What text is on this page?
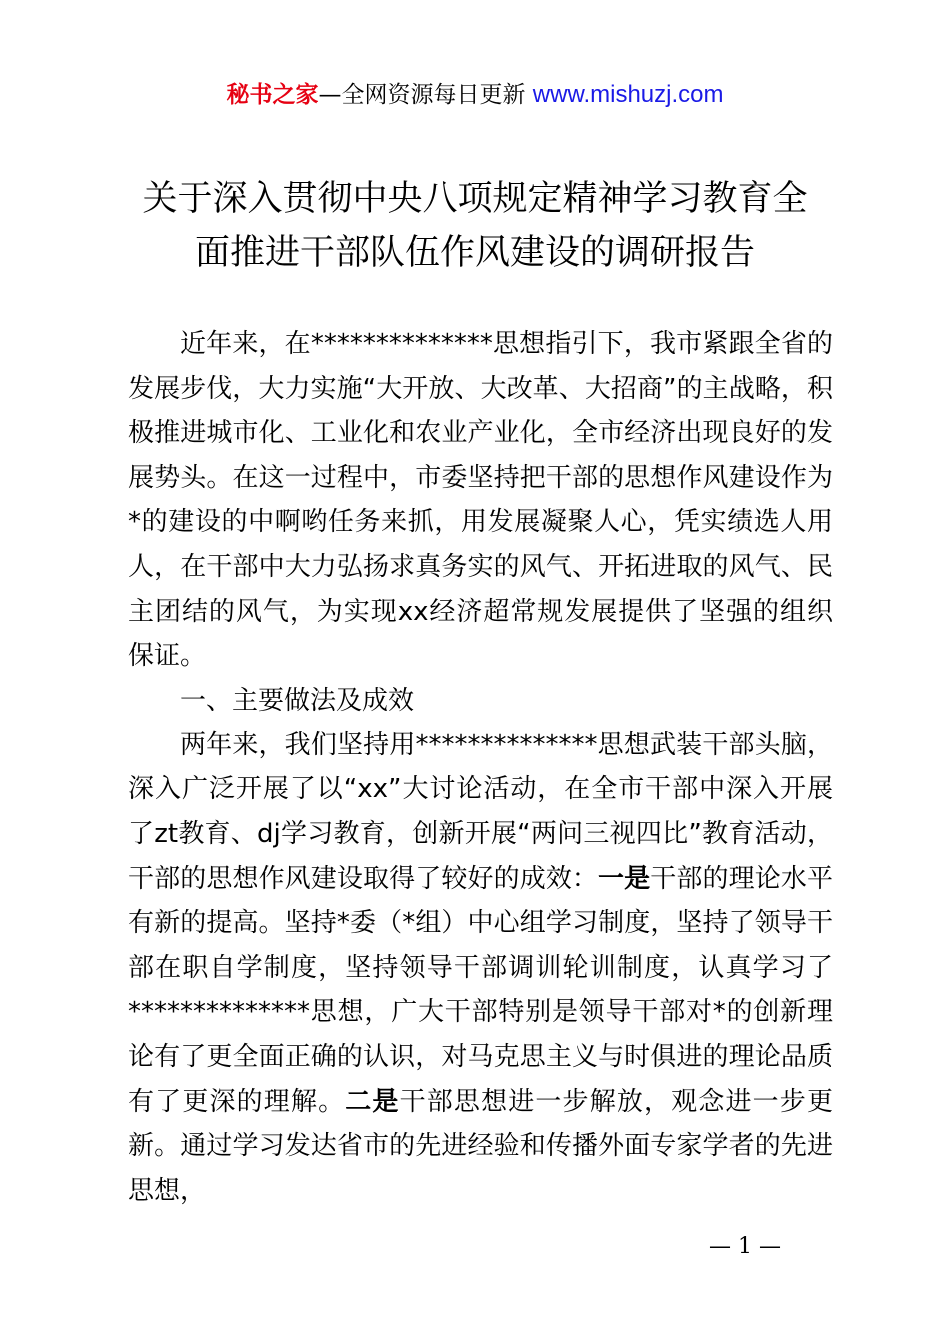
秘书之家—全网资源每日更新 www.mishuzj.com
关于深入贯彻中央八项规定精神学习教育全
面推进干部队伍作风建设的调研报告

近年来，在**************思想指引下，我市紧跟全省的发展步伐，大力实施“大开放、大改革、大招商”的主战略，积极推进城市化、工业化和农业产业化，全市经济出现良好的发展势头。在这一过程中，市委坚持把干部的思想作风建设作为*的建设的中啊哟任务来抓，用发展凝聚人心，凭实绩选人用人，在干部中大力弘扬求真务实的风气、开拓进取的风气、民主团结的风气，为实现xx经济超常规发展提供了坚强的组织保证。

一、主要做法及成效

两年来，我们坚持用**************思想武装干部头脑，深入广泛开展了以“xx”大讨论活动，在全市干部中深入开展了zt教育、dj学习教育，创新开展“两问三视四比”教育活动，干部的思想作风建设取得了较好的成效：一是干部的理论水平有新的提高。坚持*委（*组）中心组学习制度，坚持了领导干部在职自学制度，坚持领导干部调训轮训制度，认真学习了**************思想，广大干部特别是领导干部对*的创新理论有了更全面正确的认识，对马克思主义与时俱进的理论品质有了更深的理解。二是干部思想进一步解放，观念进一步更新。通过学习发达省市的先进经验和传播外面专家学者的先进思想，

— 1 —
